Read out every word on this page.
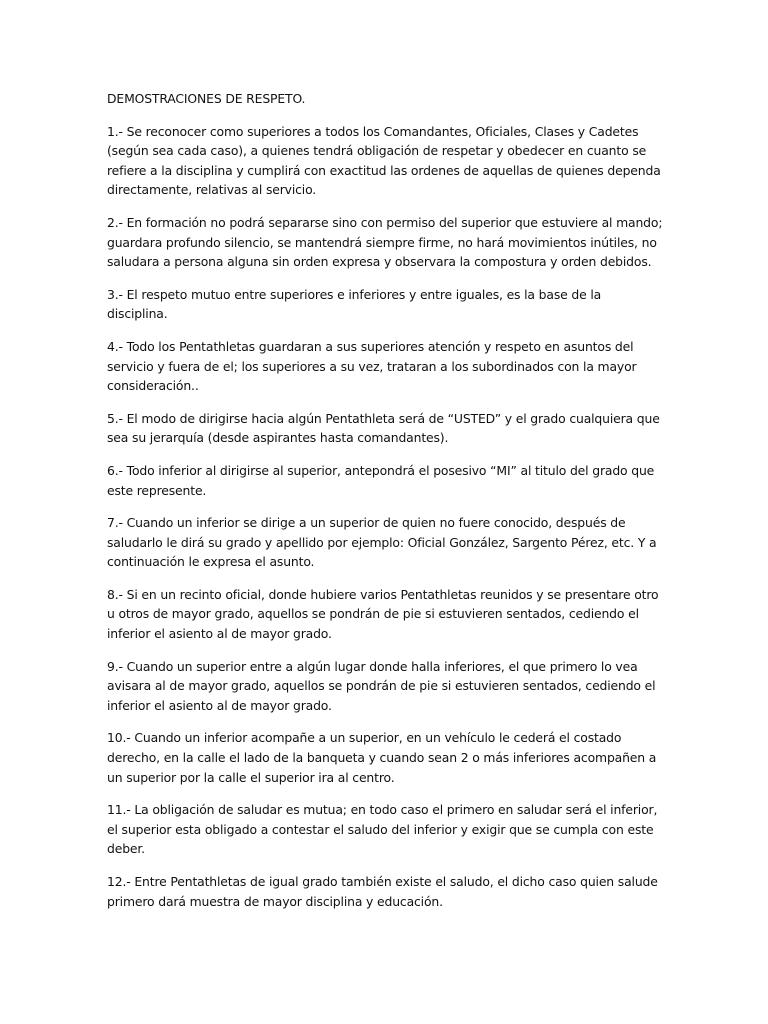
DEMOSTRACIONES DE RESPETO.

1.- Se reconocer como superiores a todos los Comandantes, Oficiales, Clases y Cadetes (según sea cada caso), a quienes tendrá obligación de respetar y obedecer en cuanto se refiere a la disciplina y cumplirá con exactitud las ordenes de aquellas de quienes dependa directamente, relativas al servicio.

2.- En formación no podrá separarse sino con permiso del superior que estuviere al mando; guardara profundo silencio, se mantendrá siempre firme, no hará movimientos inútiles, no saludara a persona alguna sin orden expresa y observara la compostura y orden debidos.

3.- El respeto mutuo entre superiores e inferiores y entre iguales, es la base de la disciplina.

4.- Todo los Pentathletas guardaran a sus superiores atención y respeto en asuntos del servicio y fuera de el; los superiores a su vez, trataran a los subordinados con la mayor consideración..

5.- El modo de dirigirse hacia algún Pentathleta será de “USTED” y el grado cualquiera que sea su jerarquía (desde aspirantes hasta comandantes).

6.- Todo inferior al dirigirse al superior, antepondrá el posesivo “MI” al titulo del grado que este represente.

7.- Cuando un inferior se dirige a un superior de quien no fuere conocido, después de saludarlo le dirá su grado y apellido por ejemplo: Oficial González, Sargento Pérez, etc. Y a continuación le expresa el asunto.

8.- Si en un recinto oficial, donde hubiere varios Pentathletas reunidos y se presentare otro u otros de mayor grado, aquellos se pondrán de pie si estuvieren sentados, cediendo el inferior el asiento al de mayor grado.

9.- Cuando un superior entre a algún lugar donde halla inferiores, el que primero lo vea avisara al de mayor grado, aquellos se pondrán de pie si estuvieren sentados, cediendo el inferior el asiento al de mayor grado.

10.- Cuando un inferior acompañe a un superior, en un vehículo le cederá el costado derecho, en la calle el lado de la banqueta y cuando sean 2 o más inferiores acompañen a un superior por la calle el superior ira al centro.

11.- La obligación de saludar es mutua; en todo caso el primero en saludar será el inferior, el superior esta obligado a contestar el saludo del inferior y exigir que se cumpla con este deber.

12.- Entre Pentathletas de igual grado también existe el saludo, el dicho caso quien salude primero dará muestra de mayor disciplina y educación.
